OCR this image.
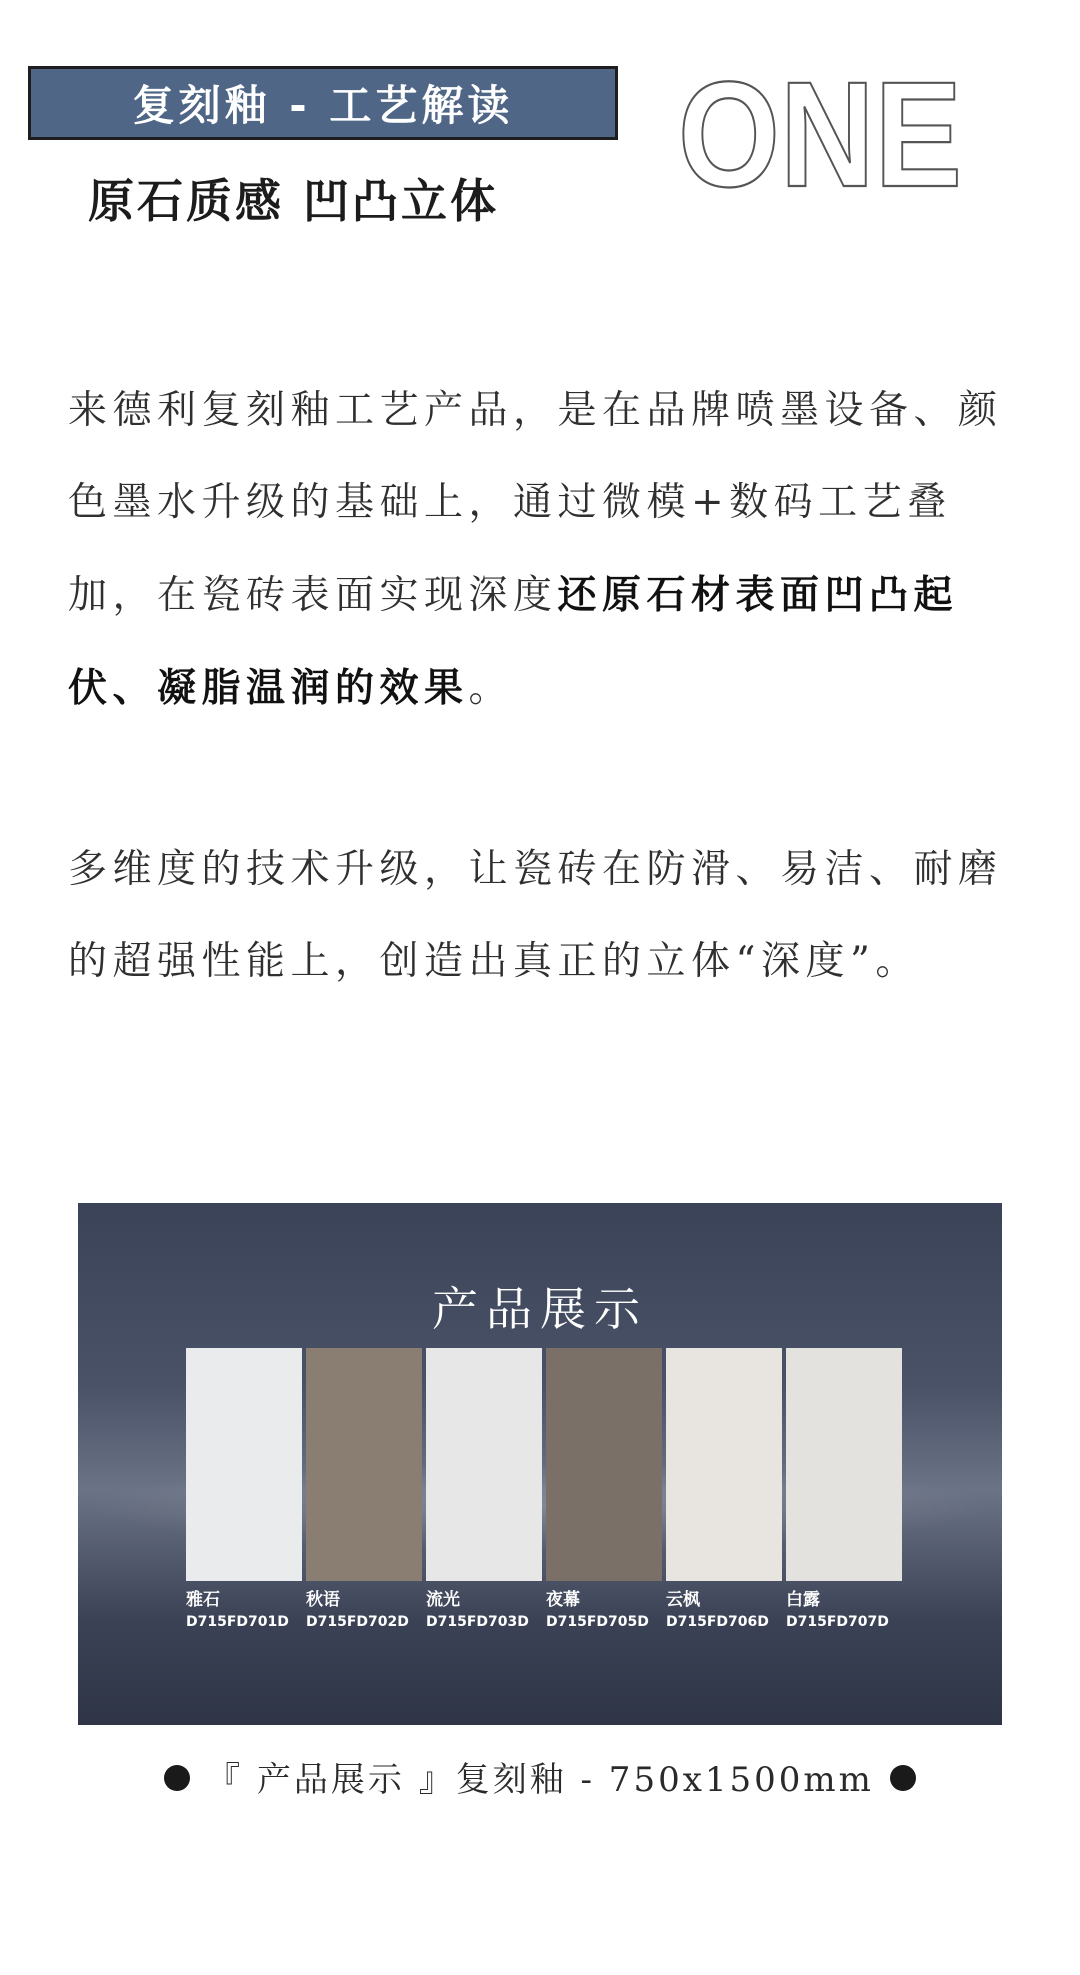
复刻釉 - 工艺解读
原石质感 凹凸立体 ONE

来德利复刻釉工艺产品，是在品牌喷墨设备、颜色墨水升级的基础上，通过微模+数码工艺叠加，在瓷砖表面实现深度还原石材表面凹凸起伏、凝脂温润的效果。

多维度的技术升级，让瓷砖在防滑、易洁、耐磨的超强性能上，创造出真正的立体“深度”。

产品展示
雅石
D715FD701D
秋语
D715FD702D
流光
D715FD703D
夜幕
D715FD705D
云枫
D715FD706D
白露
D715FD707D
『 产品展示 』复刻釉 - 750x1500mm
